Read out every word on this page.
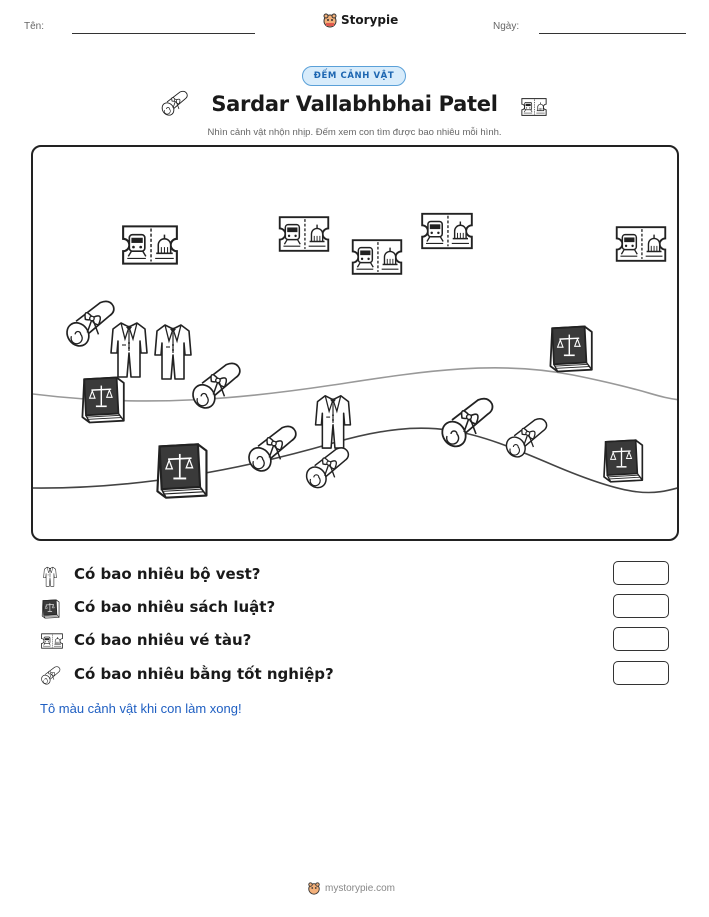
Tên:	Storypie	Ngày:
ĐẾM CẢNH VẬT
Sardar Vallabhbhai Patel
Nhìn cảnh vật nhộn nhịp. Đếm xem con tìm được bao nhiêu mỗi hình.
Có bao nhiêu bộ vest?
Có bao nhiêu sách luật?
Có bao nhiêu vé tàu?
Có bao nhiêu bằng tốt nghiệp?
Tô màu cảnh vật khi con làm xong!
mystorypie.com
